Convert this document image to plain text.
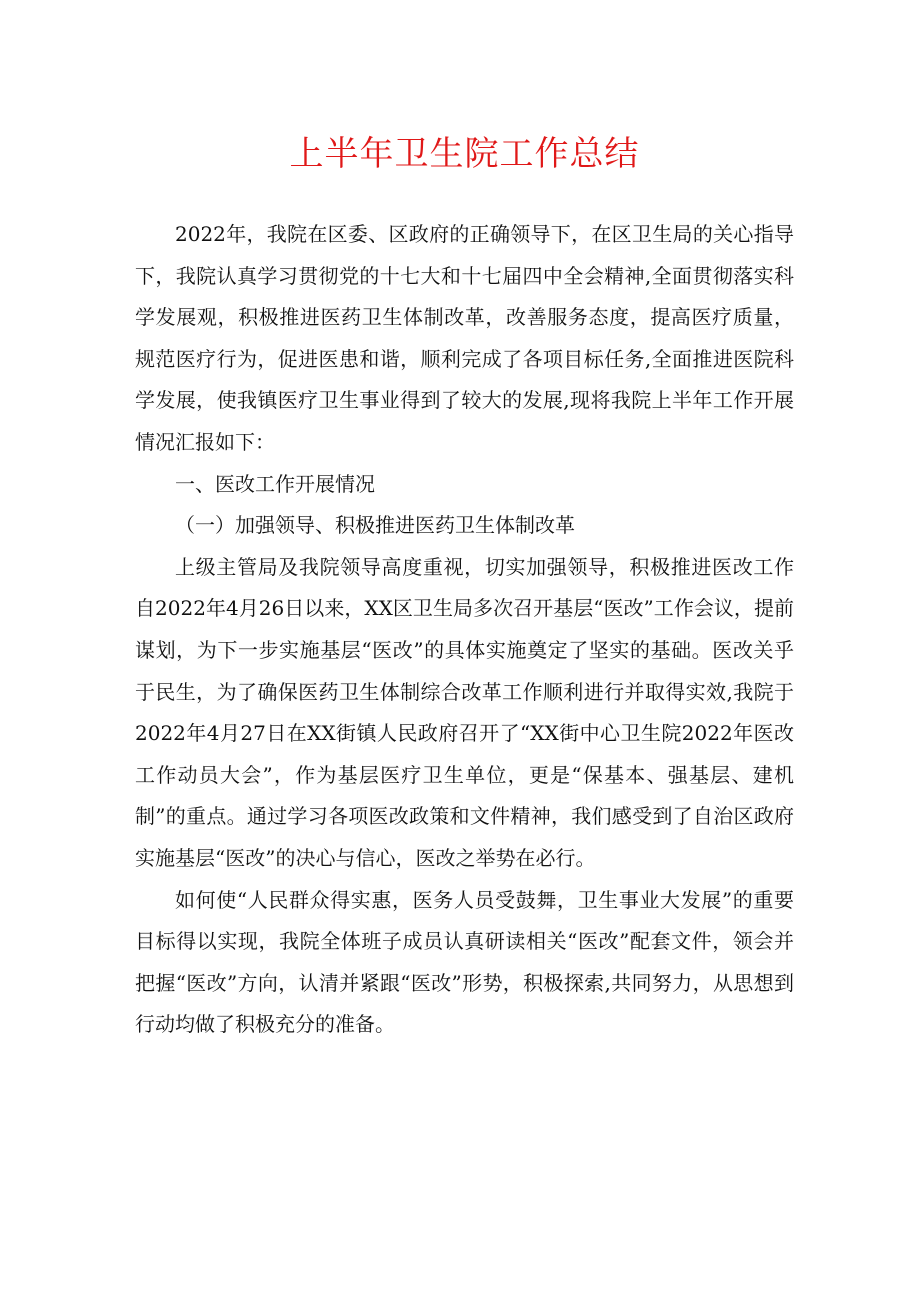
上半年卫生院工作总结

2022年，我院在区委、区政府的正确领导下，在区卫生局的关心指导下，我院认真学习贯彻党的十七大和十七届四中全会精神,全面贯彻落实科学发展观，积极推进医药卫生体制改革，改善服务态度，提高医疗质量，规范医疗行为，促进医患和谐，顺利完成了各项目标任务,全面推进医院科学发展，使我镇医疗卫生事业得到了较大的发展,现将我院上半年工作开展情况汇报如下：

一、医改工作开展情况

（一）加强领导、积极推进医药卫生体制改革

上级主管局及我院领导高度重视，切实加强领导，积极推进医改工作自2022年4月26日以来，XX区卫生局多次召开基层“医改”工作会议，提前谋划，为下一步实施基层“医改”的具体实施奠定了坚实的基础。医改关乎于民生，为了确保医药卫生体制综合改革工作顺利进行并取得实效,我院于2022年4月27日在XX街镇人民政府召开了“XX街中心卫生院2022年医改工作动员大会”，作为基层医疗卫生单位，更是“保基本、强基层、建机制”的重点。通过学习各项医改政策和文件精神，我们感受到了自治区政府实施基层“医改”的决心与信心，医改之举势在必行。

如何使“人民群众得实惠，医务人员受鼓舞，卫生事业大发展”的重要目标得以实现，我院全体班子成员认真研读相关“医改”配套文件，领会并把握“医改”方向，认清并紧跟“医改”形势，积极探索,共同努力，从思想到行动均做了积极充分的准备。
